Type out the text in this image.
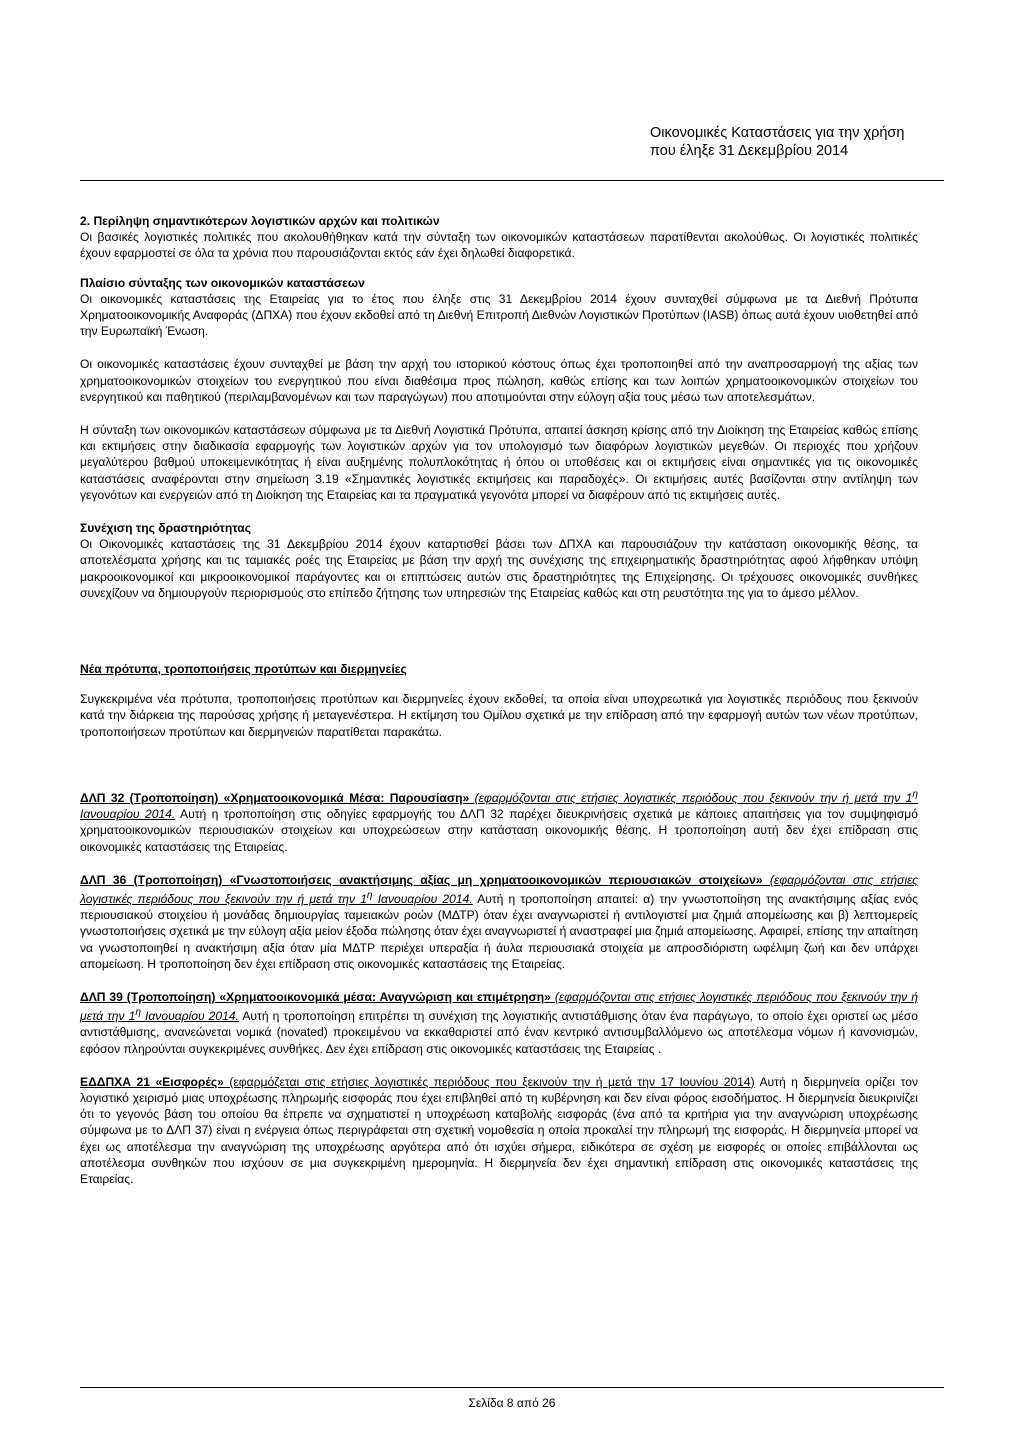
Οικονομικές Καταστάσεις για την χρήση
που έληξε 31 Δεκεμβρίου 2014

2. Περίληψη σημαντικότερων λογιστικών αρχών και πολιτικών

Οι βασικές λογιστικές πολιτικές που ακολουθήθηκαν κατά την σύνταξη των οικονομικών καταστάσεων παρατίθενται ακολούθως. Οι λογιστικές πολιτικές έχουν εφαρμοστεί σε όλα τα χρόνια που παρουσιάζονται εκτός εάν έχει δηλωθεί διαφορετικά.

Πλαίσιο σύνταξης των οικονομικών καταστάσεων

Οι οικονομικές καταστάσεις της Εταιρείας για το έτος που έληξε στις 31 Δεκεμβρίου 2014 έχουν συνταχθεί σύμφωνα με τα Διεθνή Πρότυπα Χρηματοοικονομικής Αναφοράς (ΔΠΧΑ) που έχουν εκδοθεί από τη Διεθνή Επιτροπή Διεθνών Λογιστικών Προτύπων (IASB) όπως αυτά έχουν υιοθετηθεί από την Ευρωπαϊκή Ένωση.

Οι οικονομικές καταστάσεις έχουν συνταχθεί με βάση την αρχή του ιστορικού κόστους όπως έχει τροποποιηθεί από την αναπροσαρμογή της αξίας των χρηματοοικονομικών στοιχείων του ενεργητικού που είναι διαθέσιμα προς πώληση, καθώς επίσης και των λοιπών χρηματοοικονομικών στοιχείων του ενεργητικού και παθητικού (περιλαμβανομένων και των παραγώγων) που αποτιμούνται στην εύλογη αξία τους μέσω των αποτελεσμάτων.

Η σύνταξη των οικονομικών καταστάσεων σύμφωνα με τα Διεθνή Λογιστικά Πρότυπα, απαιτεί άσκηση κρίσης από την Διοίκηση της Εταιρείας καθώς επίσης και εκτιμήσεις στην διαδικασία εφαρμογής των λογιστικών αρχών για τον υπολογισμό των διαφόρων λογιστικών μεγεθών. Οι περιοχές που χρήζουν μεγαλύτερου βαθμού υποκειμενικότητας ή είναι αυξημένης πολυπλοκότητας ή όπου οι υποθέσεις και οι εκτιμήσεις είναι σημαντικές για τις οικονομικές καταστάσεις αναφέρονται στην σημείωση 3.19 «Σημαντικές λογιστικές εκτιμήσεις και παραδοχές». Οι εκτιμήσεις αυτές βασίζονται στην αντίληψη των γεγονότων και ενεργειών από τη Διοίκηση της Εταιρείας και τα πραγματικά γεγονότα μπορεί να διαφέρουν από τις εκτιμήσεις αυτές.

Συνέχιση της δραστηριότητας

Οι Οικονομικές καταστάσεις της 31 Δεκεμβρίου 2014 έχουν καταρτισθεί βάσει των ΔΠΧΑ και παρουσιάζουν την κατάσταση οικονομικής θέσης, τα αποτελέσματα χρήσης και τις ταμιακές ροές της Εταιρείας με βάση την αρχή της συνέχισης της επιχειρηματικής δραστηριότητας αφού λήφθηκαν υπόψη μακροοικονομικοί και μικροοικονομικοί παράγοντες και οι επιπτώσεις αυτών στις δραστηριότητες της Επιχείρησης. Οι τρέχουσες οικονομικές συνθήκες συνεχίζουν να δημιουργούν περιορισμούς στο επίπεδο ζήτησης των υπηρεσιών της Εταιρείας καθώς και στη ρευστότητα της για το άμεσο μέλλον.

Νέα πρότυπα, τροποποιήσεις προτύπων και διερμηνείες

Συγκεκριμένα νέα πρότυπα, τροποποιήσεις προτύπων και διερμηνείες έχουν εκδοθεί, τα οποία είναι υποχρεωτικά για λογιστικές περιόδους που ξεκινούν κατά την διάρκεια της παρούσας χρήσης ή μεταγενέστερα. Η εκτίμηση του Ομίλου σχετικά με την επίδραση από την εφαρμογή αυτών των νέων προτύπων, τροποποιήσεων προτύπων και διερμηνειών παρατίθεται παρακάτω.

ΔΛΠ 32 (Τροποποίηση) «Χρηματοοικονομικά Μέσα: Παρουσίαση» (εφαρμόζονται στις ετήσιες λογιστικές περιόδους που ξεκινούν την ή μετά την $1^\eta$ Ιανουαρίου 2014. Αυτή η τροποποίηση στις οδηγίες εφαρμογής του ΔΛΠ 32 παρέχει διευκρινήσεις σχετικά με κάποιες απαιτήσεις για τον συμψηφισμό χρηματοοικονομικών περιουσιακών στοιχείων και υποχρεώσεων στην κατάσταση οικονομικής θέσης. Η τροποποίηση αυτή δεν έχει επίδραση στις οικονομικές καταστάσεις της Εταιρείας.

ΔΛΠ 36 (Τροποποίηση) «Γνωστοποιήσεις ανακτήσιμης αξίας μη χρηματοοικονομικών περιουσιακών στοιχείων» (εφαρμόζονται στις ετήσιες λογιστικές περιόδους που ξεκινούν την ή μετά την $1^\eta$ Ιανουαρίου 2014. Αυτή η τροποποίηση απαιτεί: α) την γνωστοποίηση της ανακτήσιμης αξίας ενός περιουσιακού στοιχείου ή μονάδας δημιουργίας ταμειακών ροών (ΜΔΤΡ) όταν έχει αναγνωριστεί ή αντιλογιστεί μια ζημιά απομείωσης και β) λεπτομερείς γνωστοποιήσεις σχετικά με την εύλογη αξία μείον έξοδα πώλησης όταν έχει αναγνωριστεί ή αναστραφεί μια ζημιά απομείωσης. Αφαιρεί, επίσης την απαίτηση να γνωστοποιηθεί η ανακτήσιμη αξία όταν μία ΜΔΤΡ περιέχει υπεραξία ή άυλα περιουσιακά στοιχεία με απροσδιόριστη ωφέλιμη ζωή και δεν υπάρχει απομείωση. Η τροποποίηση δεν έχει επίδραση στις οικονομικές καταστάσεις της Εταιρείας.

ΔΛΠ 39 (Τροποποίηση) «Χρηματοοικονομικά μέσα: Αναγνώριση και επιμέτρηση» (εφαρμόζονται στις ετήσιες λογιστικές περιόδους που ξεκινούν την ή μετά την $1^\eta$ Ιανουαρίου 2014. Αυτή η τροποποίηση επιτρέπει τη συνέχιση της λογιστικής αντιστάθμισης όταν ένα παράγωγο, το οποίο έχει οριστεί ως μέσο αντιστάθμισης, ανανεώνεται νομικά (novated) προκειμένου να εκκαθαριστεί από έναν κεντρικό αντισυμβαλλόμενο ως αποτέλεσμα νόμων ή κανονισμών, εφόσον πληρούνται συγκεκριμένες συνθήκες. Δεν έχει επίδραση στις οικονομικές καταστάσεις της Εταιρείας .

ΕΔΔΠΧΑ 21 «Εισφορές» (εφαρμόζεται στις ετήσιες λογιστικές περιόδους που ξεκινούν την ή μετά την 17 Ιουνίου 2014) Αυτή η διερμηνεία ορίζει τον λογιστικό χειρισμό μιας υποχρέωσης πληρωμής εισφοράς που έχει επιβληθεί από τη κυβέρνηση και δεν είναι φόρος εισοδήματος. Η διερμηνεία διευκρινίζει ότι το γεγονός βάση του οποίου θα έπρεπε να σχηματιστεί η υποχρέωση καταβολής εισφοράς (ένα από τα κριτήρια για την αναγνώριση υποχρέωσης σύμφωνα με το ΔΛΠ 37) είναι η ενέργεια όπως περιγράφεται στη σχετική νομοθεσία η οποία προκαλεί την πληρωμή της εισφοράς. Η διερμηνεία μπορεί να έχει ως αποτέλεσμα την αναγνώριση της υποχρέωσης αργότερα από ότι ισχύει σήμερα, ειδικότερα σε σχέση με εισφορές οι οποίες επιβάλλονται ως αποτέλεσμα συνθηκών που ισχύουν σε μια συγκεκριμένη ημερομηνία. Η διερμηνεία δεν έχει σημαντική επίδραση στις οικονομικές καταστάσεις της Εταιρείας.

Σελίδα 8 από 26
